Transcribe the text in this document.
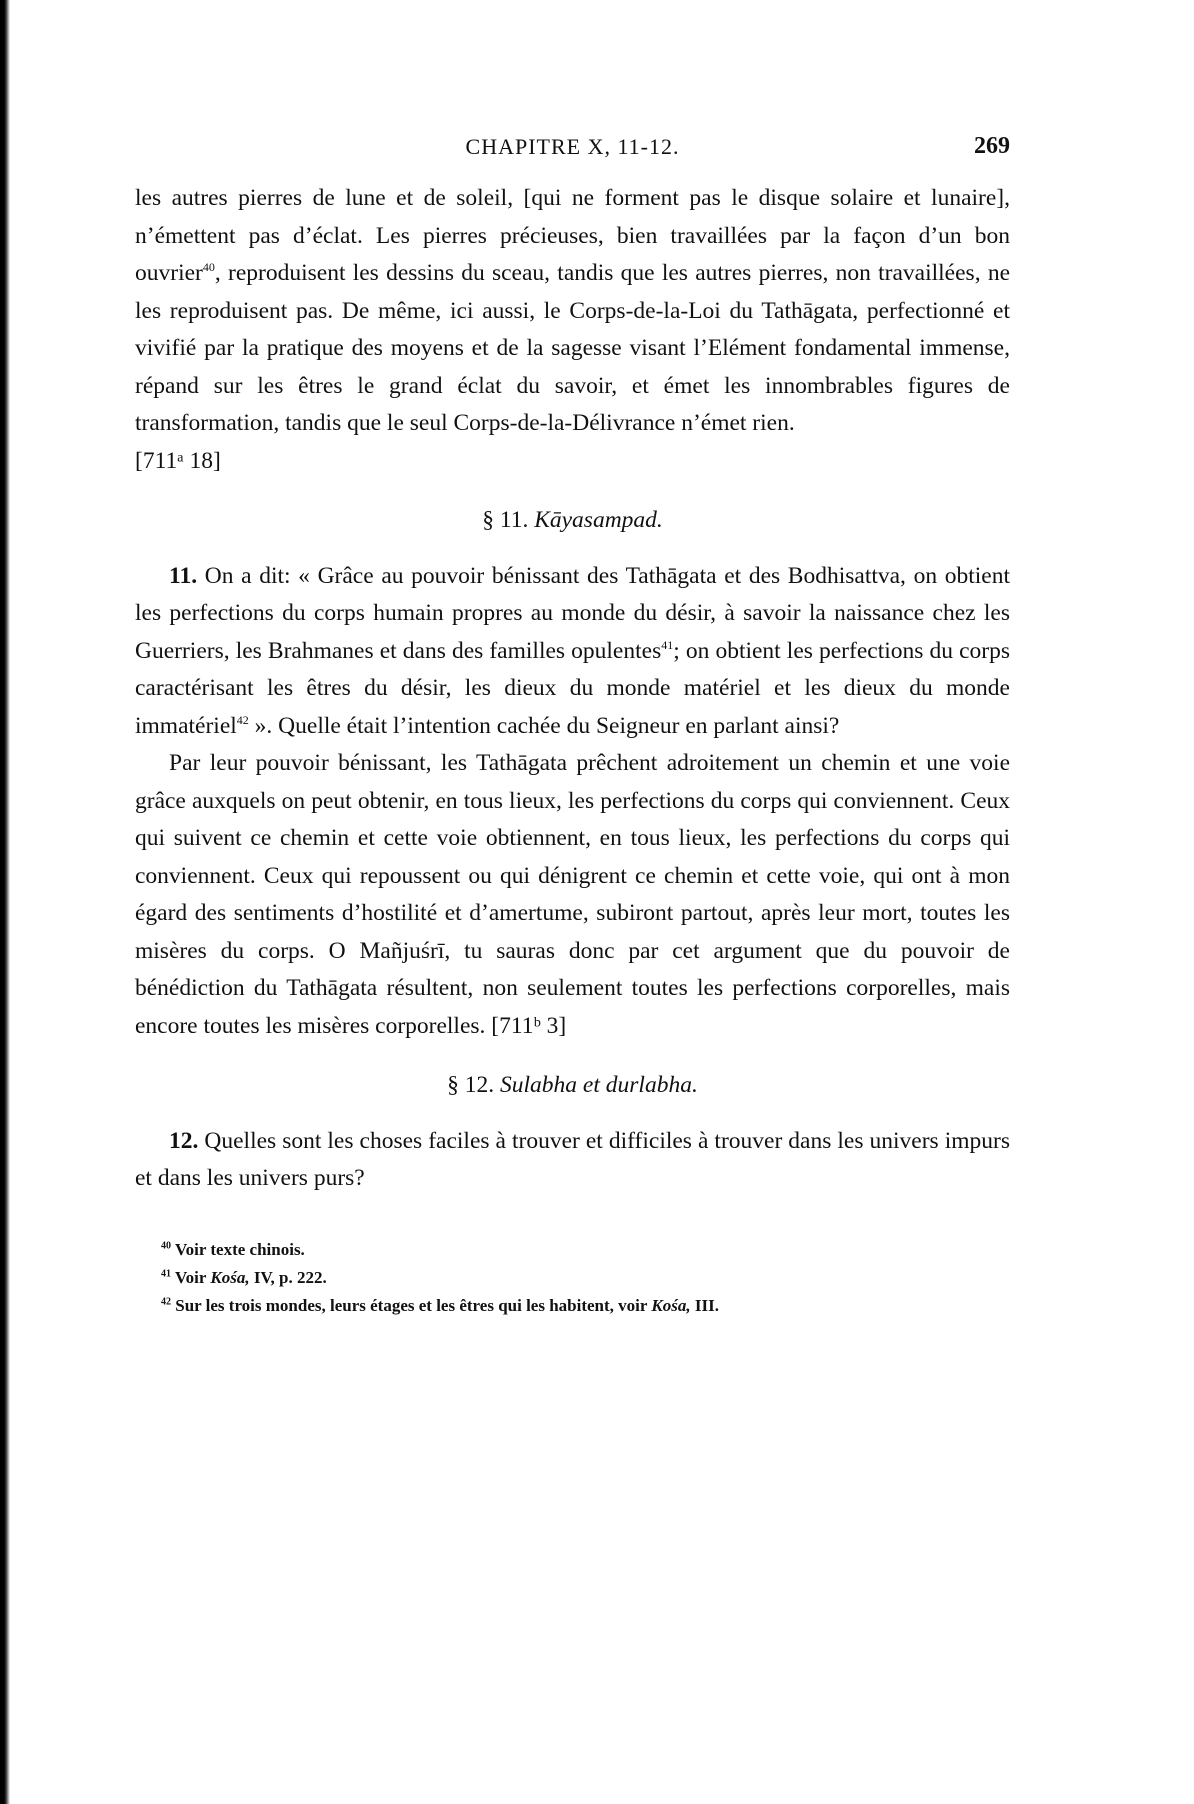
CHAPITRE X, 11-12.	269

les autres pierres de lune et de soleil, [qui ne forment pas le disque solaire et lunaire], n’émettent pas d’éclat. Les pierres précieuses, bien travaillées par la façon d’un bon ouvrier$^{40}$, reproduisent les dessins du sceau, tandis que les autres pierres, non travaillées, ne les reproduisent pas. De même, ici aussi, le Corps-de-la-Loi du Tathāgata, perfectionné et vivifié par la pratique des moyens et de la sagesse visant l’Elément fondamental immense, répand sur les êtres le grand éclat du savoir, et émet les innombrables figures de transformation, tandis que le seul Corps-de-la-Délivrance n’émet rien.
[711ᵃ 18]

§ 11. Kāyasampad.

11. On a dit: « Grâce au pouvoir bénissant des Tathāgata et des Bodhisattva, on obtient les perfections du corps humain propres au monde du désir, à savoir la naissance chez les Guerriers, les Brahmanes et dans des familles opulentes$^{41}$; on obtient les perfections du corps caractérisant les êtres du désir, les dieux du monde matériel et les dieux du monde immatériel$^{42}$ ». Quelle était l’intention cachée du Seigneur en parlant ainsi?

Par leur pouvoir bénissant, les Tathāgata prêchent adroitement un chemin et une voie grâce auxquels on peut obtenir, en tous lieux, les perfections du corps qui conviennent. Ceux qui suivent ce chemin et cette voie obtiennent, en tous lieux, les perfections du corps qui conviennent. Ceux qui repoussent ou qui dénigrent ce chemin et cette voie, qui ont à mon égard des sentiments d’hostilité et d’amertume, subiront partout, après leur mort, toutes les misères du corps. O Mañjuśrī, tu sauras donc par cet argument que du pouvoir de bénédiction du Tathāgata résultent, non seulement toutes les perfections corporelles, mais encore toutes les misères corporelles. [711ᵇ 3]

§ 12. Sulabha et durlabha.

12. Quelles sont les choses faciles à trouver et difficiles à trouver dans les univers impurs et dans les univers purs?

$^{40}$ Voir texte chinois.
$^{41}$ Voir Kośa, IV, p. 222.
$^{42}$ Sur les trois mondes, leurs étages et les êtres qui les habitent, voir Kośa, III.
